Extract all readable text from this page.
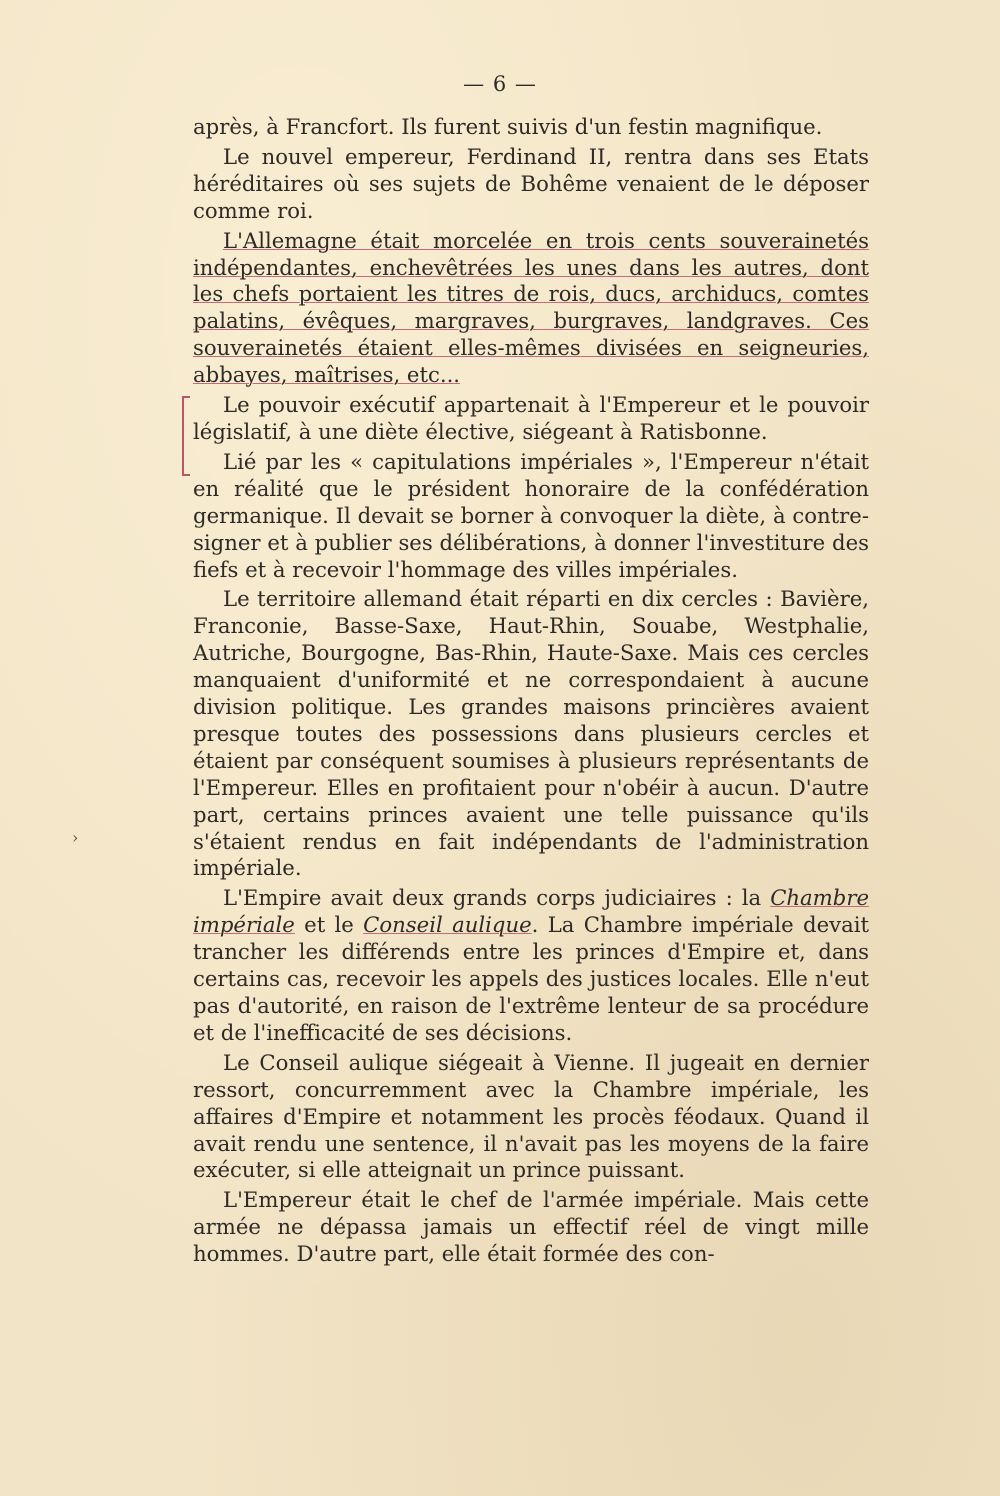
— 6 —
›

après, à Francfort. Ils furent suivis d'un festin magnifique.

Le nouvel empereur, Ferdinand II, rentra dans ses Etats héréditaires où ses sujets de Bohême venaient de le déposer comme roi.

L'Allemagne était morcelée en trois cents souverainetés indépendantes, enchevêtrées les unes dans les autres, dont les chefs portaient les titres de rois, ducs, archiducs, comtes palatins, évêques, margraves, burgraves, landgraves. Ces souverainetés étaient elles-mêmes divisées en seigneuries, abbayes, maîtrises, etc...

Le pouvoir exécutif appartenait à l'Empereur et le pouvoir législatif, à une diète élective, siégeant à Ratisbonne.

Lié par les « capitulations impériales », l'Empereur n'était en réalité que le président honoraire de la confédération germanique. Il devait se borner à convoquer la diète, à contre-signer et à publier ses délibérations, à donner l'investiture des fiefs et à recevoir l'hommage des villes impériales.

Le territoire allemand était réparti en dix cercles : Bavière, Franconie, Basse-Saxe, Haut-Rhin, Souabe, Westphalie, Autriche, Bourgogne, Bas-Rhin, Haute-Saxe. Mais ces cercles manquaient d'uniformité et ne correspondaient à aucune division politique. Les grandes maisons princières avaient presque toutes des possessions dans plusieurs cercles et étaient par conséquent soumises à plusieurs représentants de l'Empereur. Elles en profitaient pour n'obéir à aucun. D'autre part, certains princes avaient une telle puissance qu'ils s'étaient rendus en fait indépendants de l'administration impériale.

L'Empire avait deux grands corps judiciaires : la Chambre impériale et le Conseil aulique. La Chambre impériale devait trancher les différends entre les princes d'Empire et, dans certains cas, recevoir les appels des justices locales. Elle n'eut pas d'autorité, en raison de l'extrême lenteur de sa procédure et de l'inefficacité de ses décisions.

Le Conseil aulique siégeait à Vienne. Il jugeait en dernier ressort, concurremment avec la Chambre impériale, les affaires d'Empire et notamment les procès féodaux. Quand il avait rendu une sentence, il n'avait pas les moyens de la faire exécuter, si elle atteignait un prince puissant.

L'Empereur était le chef de l'armée impériale. Mais cette armée ne dépassa jamais un effectif réel de vingt mille hommes. D'autre part, elle était formée des con-
